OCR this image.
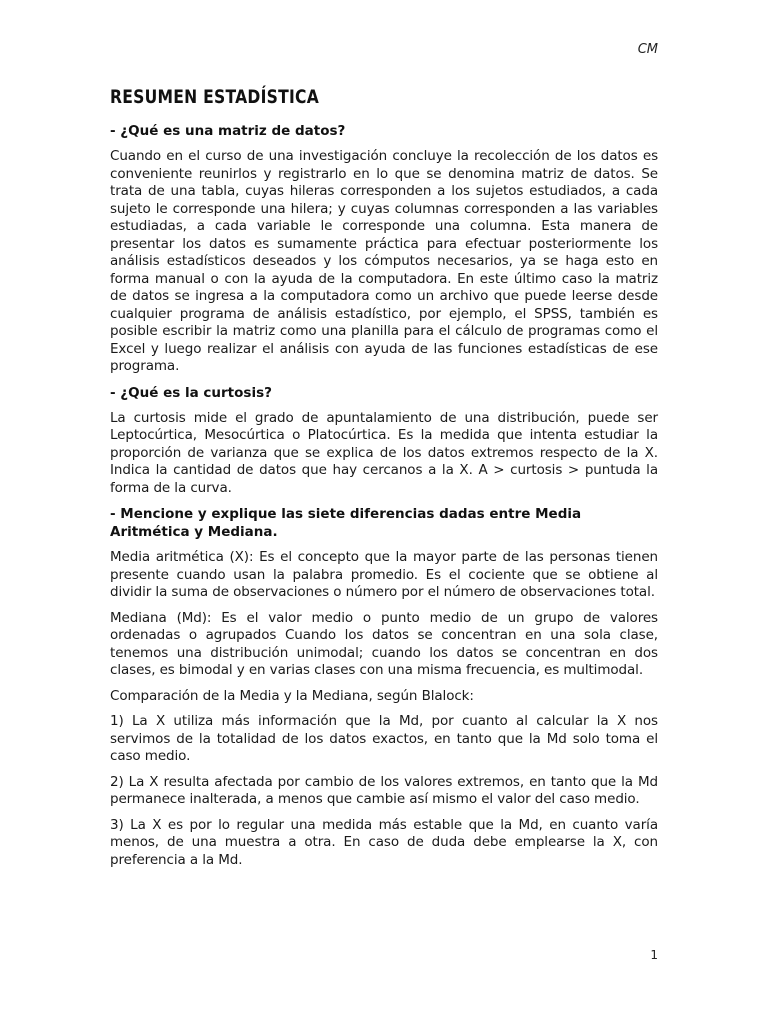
CM
RESUMEN ESTADÍSTICA
- ¿Qué es una matriz de datos?
Cuando en el curso de una investigación concluye la recolección de los datos es conveniente reunirlos y registrarlo en lo que se denomina matriz de datos. Se trata de una tabla, cuyas hileras corresponden a los sujetos estudiados, a cada sujeto le corresponde una hilera; y cuyas columnas corresponden a las variables estudiadas, a cada variable le corresponde una columna. Esta manera de presentar los datos es sumamente práctica para efectuar posteriormente los análisis estadísticos deseados y los cómputos necesarios, ya se haga esto en forma manual o con la ayuda de la computadora. En este último caso la matriz de datos se ingresa a la computadora como un archivo que puede leerse desde cualquier programa de análisis estadístico, por ejemplo, el SPSS, también es posible escribir la matriz como una planilla para el cálculo de programas como el Excel y luego realizar el análisis con ayuda de las funciones estadísticas de ese programa.
- ¿Qué es la curtosis?
La curtosis mide el grado de apuntalamiento de una distribución, puede ser Leptocúrtica, Mesocúrtica o Platocúrtica. Es la medida que intenta estudiar la proporción de varianza que se explica de los datos extremos respecto de la X. Indica la cantidad de datos que hay cercanos a la X. A > curtosis > puntuda la forma de la curva.
- Mencione y explique las siete diferencias dadas entre Media Aritmética y Mediana.
Media aritmética (X): Es el concepto que la mayor parte de las personas tienen presente cuando usan la palabra promedio. Es el cociente que se obtiene al dividir la suma de observaciones o número por el número de observaciones total.
Mediana (Md): Es el valor medio o punto medio de un grupo de valores ordenadas o agrupados Cuando los datos se concentran en una sola clase, tenemos una distribución unimodal; cuando los datos se concentran en dos clases, es bimodal y en varias clases con una misma frecuencia, es multimodal.
Comparación de la Media y la Mediana, según Blalock:
1) La X utiliza más información que la Md, por cuanto al calcular la X nos servimos de la totalidad de los datos exactos, en tanto que la Md solo toma el caso medio.
2) La X resulta afectada por cambio de los valores extremos, en tanto que la Md permanece inalterada, a menos que cambie así mismo el valor del caso medio.
3) La X es por lo regular una medida más estable que la Md, en cuanto varía menos, de una muestra a otra. En caso de duda debe emplearse la X, con preferencia a la Md.
1
